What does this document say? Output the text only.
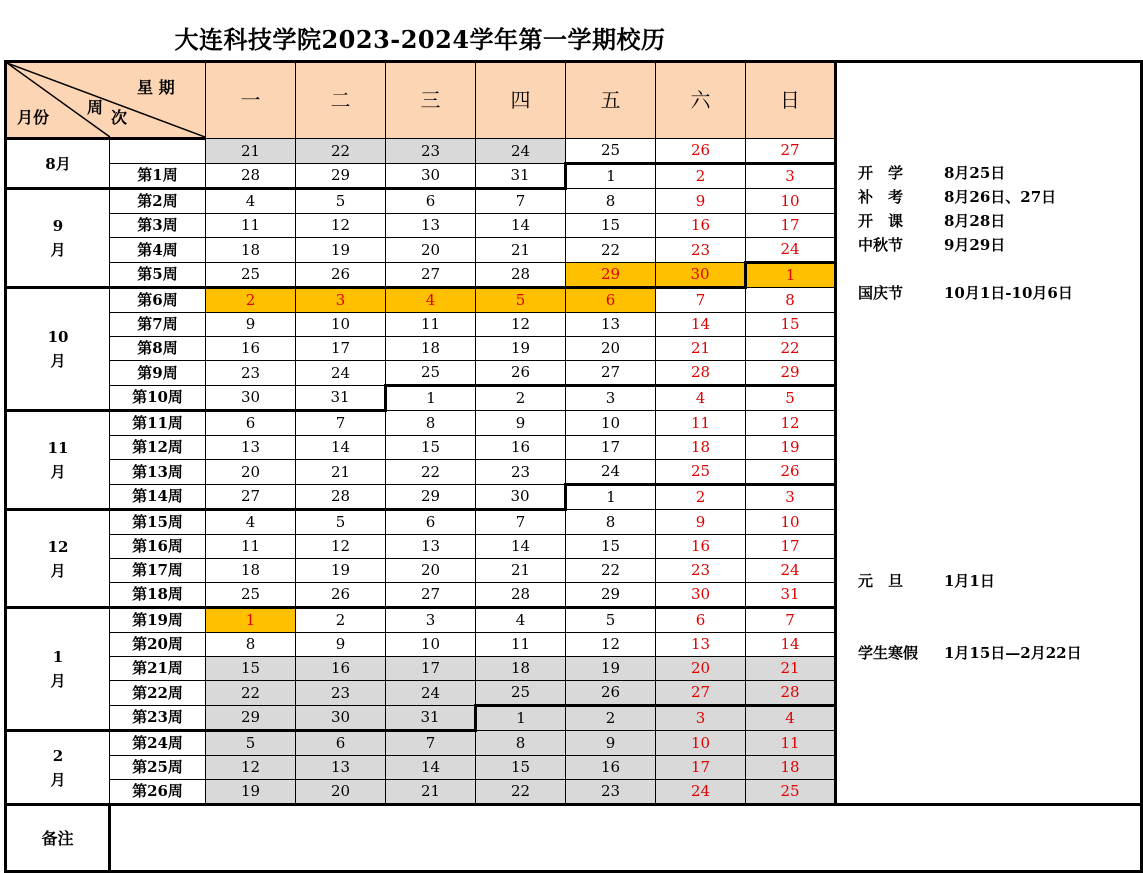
大连科技学院2023-2024学年第一学期校历
星 期
月份
周
次		一	二	三	四	五	六	日	
8月		21	22	23	24	25	26	27	
	第1周	28	29	30	31	1	2	3	
9
月	第2周	4	5	6	7	8	9	10	
	第3周	11	12	13	14	15	16	17	
	第4周	18	19	20	21	22	23	24	
	第5周	25	26	27	28	29	30	1	
10
月	第6周	2	3	4	5	6	7	8	
	第7周	9	10	11	12	13	14	15	
	第8周	16	17	18	19	20	21	22	
	第9周	23	24	25	26	27	28	29	
	第10周	30	31	1	2	3	4	5	
11
月	第11周	6	7	8	9	10	11	12	
	第12周	13	14	15	16	17	18	19	
	第13周	20	21	22	23	24	25	26	
	第14周	27	28	29	30	1	2	3	
12
月	第15周	4	5	6	7	8	9	10	
	第16周	11	12	13	14	15	16	17	
	第17周	18	19	20	21	22	23	24	
	第18周	25	26	27	28	29	30	31	
1
月	第19周	1	2	3	4	5	6	7	
	第20周	8	9	10	11	12	13	14	
	第21周	15	16	17	18	19	20	21	
	第22周	22	23	24	25	26	27	28	
	第23周	29	30	31	1	2	3	4	
2
月	第24周	5	6	7	8	9	10	11	
	第25周	12	13	14	15	16	17	18	
	第26周	19	20	21	22	23	24	25	
备注									
开　学	8月25日
补　考	8月26日、27日
开　课	8月28日
中秋节	9月29日
国庆节	10月1日-10月6日
元　旦	1月1日
学生寒假 1月15日—2月22日
